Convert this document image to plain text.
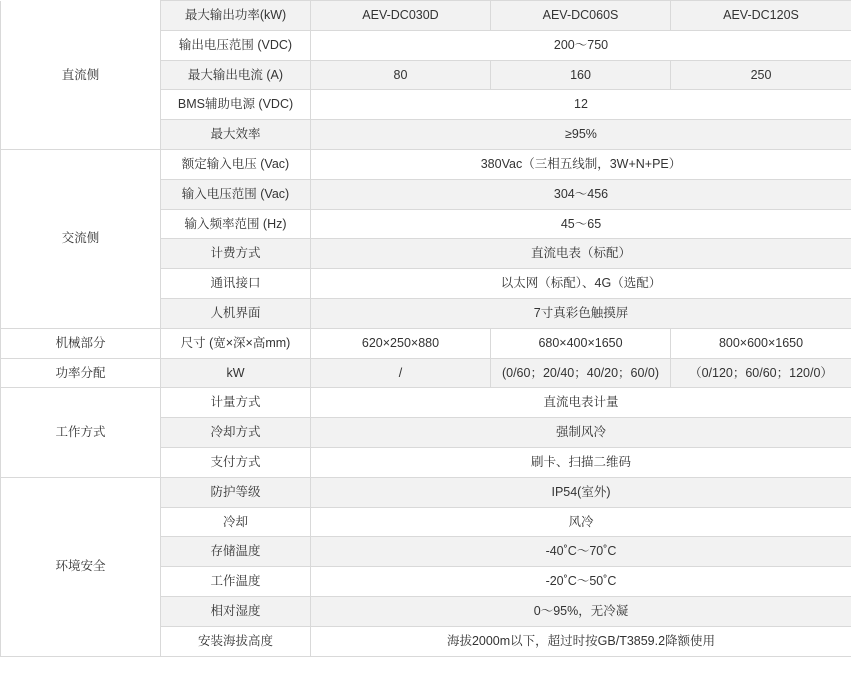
直流侧	最大输出功率(kW)	AEV-DC030D	AEV-DC060S	AEV-DC120S
	输出电压范围 (VDC)	200～750		
	最大输出电流 (A)	80	160	250
	BMS辅助电源 (VDC)	12		
	最大效率	≥95%		
交流侧	额定输入电压 (Vac)	380Vac（三相五线制，3W+N+PE）		
	输入电压范围 (Vac)	304～456		
	输入频率范围 (Hz)	45～65		
	计费方式	直流电表（标配）		
	通讯接口	以太网（标配）、4G（选配）		
	人机界面	7寸真彩色触摸屏		
机械部分	尺寸 (宽×深×高mm)	620×250×880	680×400×1650	800×600×1650
功率分配	kW	/	(0/60；20/40；40/20；60/0)	（0/120；60/60；120/0）
工作方式	计量方式	直流电表计量		
	冷却方式	强制风冷		
	支付方式	刷卡、扫描二维码		
环境安全	防护等级	IP54(室外)		
	冷却	风冷		
	存储温度	-40˚C～70˚C		
	工作温度	-20˚C～50˚C		
	相对湿度	0～95%，无冷凝		
	安装海拔高度	海拔2000m以下，超过时按GB/T3859.2降额使用		
